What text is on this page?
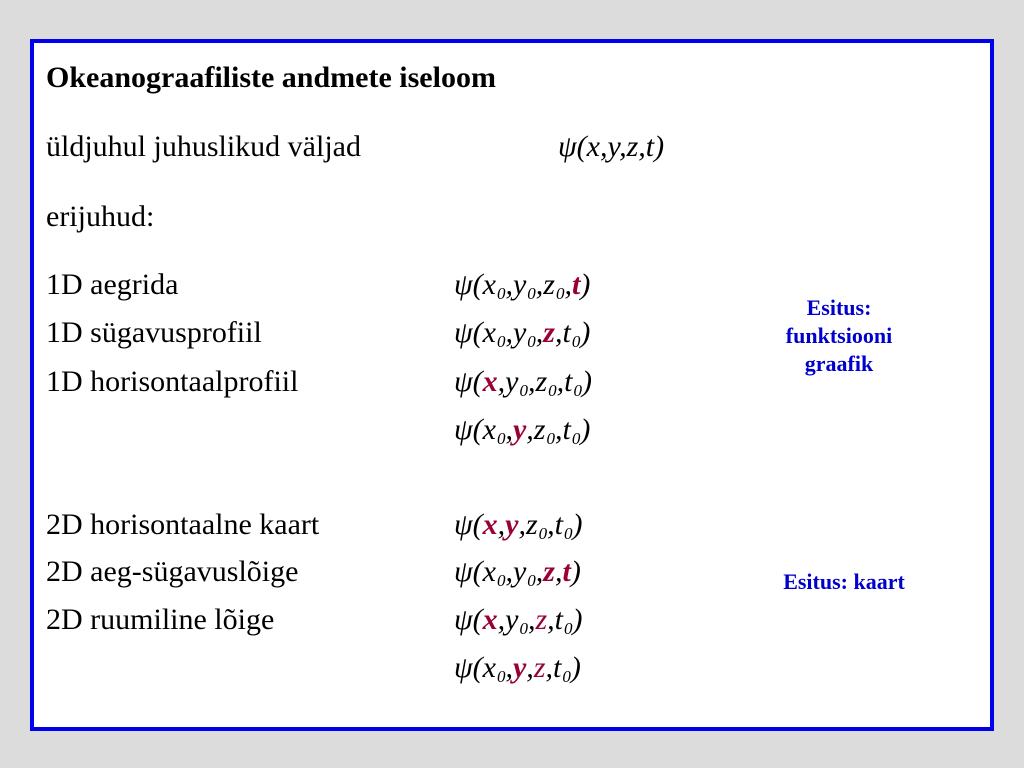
Okeanograafiliste andmete iseloom
üldjuhul juhuslikud väljad	ψ(x,y,z,t)
erijuhud:
1D aegrida	$\psi(x_0,y_0,z_0,t)$
1D sügavusprofiil	$\psi(x_0,y_0,z,t_0)$
1D horisontaalprofiil	$\psi(x,y_0,z_0,t_0)$
$\psi(x_0,y,z_0,t_0)$
2D horisontaalne kaart	$\psi(x,y,z_0,t_0)$
2D aeg-sügavuslõige	$\psi(x_0,y_0,z,t)$
2D ruumiline lõige	$\psi(x,y_0,z,t_0)$
$\psi(x_0,y,z,t_0)$
Esitus:
funktsiooni
graafik
Esitus: kaart
